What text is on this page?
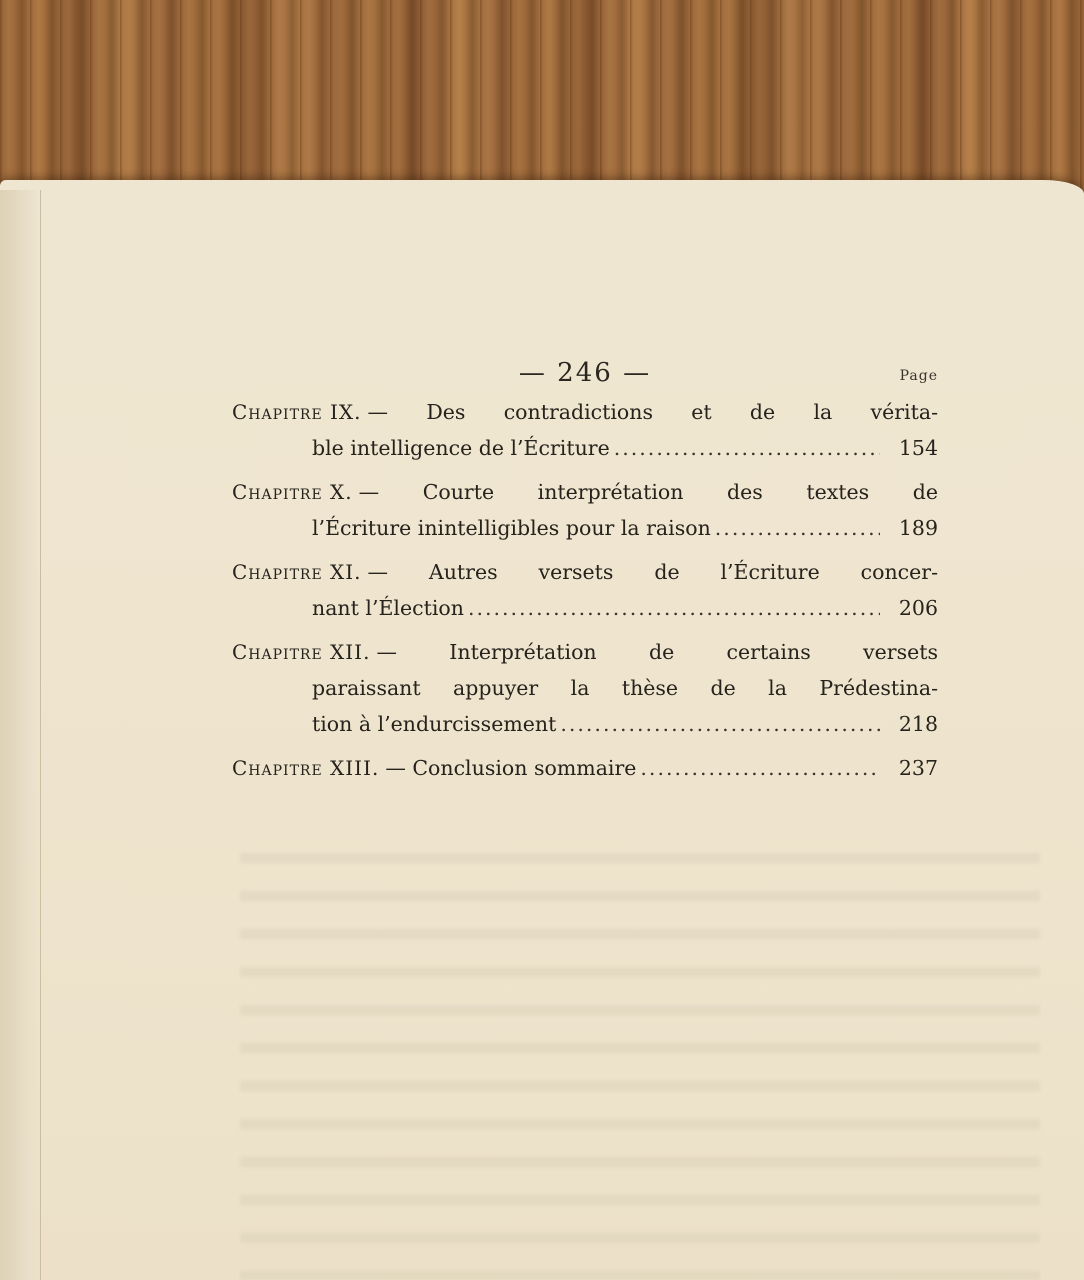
— 246 —	Page
Chapitre IX. — Des contradictions et de la vérita-
ble intelligence de l’Écriture .....	154
Chapitre X. — Courte interprétation des textes de
l’Écriture inintelligibles pour la raison .....	189
Chapitre XI. — Autres versets de l’Écriture concer-
nant l’Élection .....	206
Chapitre XII. — Interprétation de certains versets
paraissant appuyer la thèse de la Prédestina-
tion à l’endurcissement .....	218
Chapitre XIII. — Conclusion sommaire .....	237
